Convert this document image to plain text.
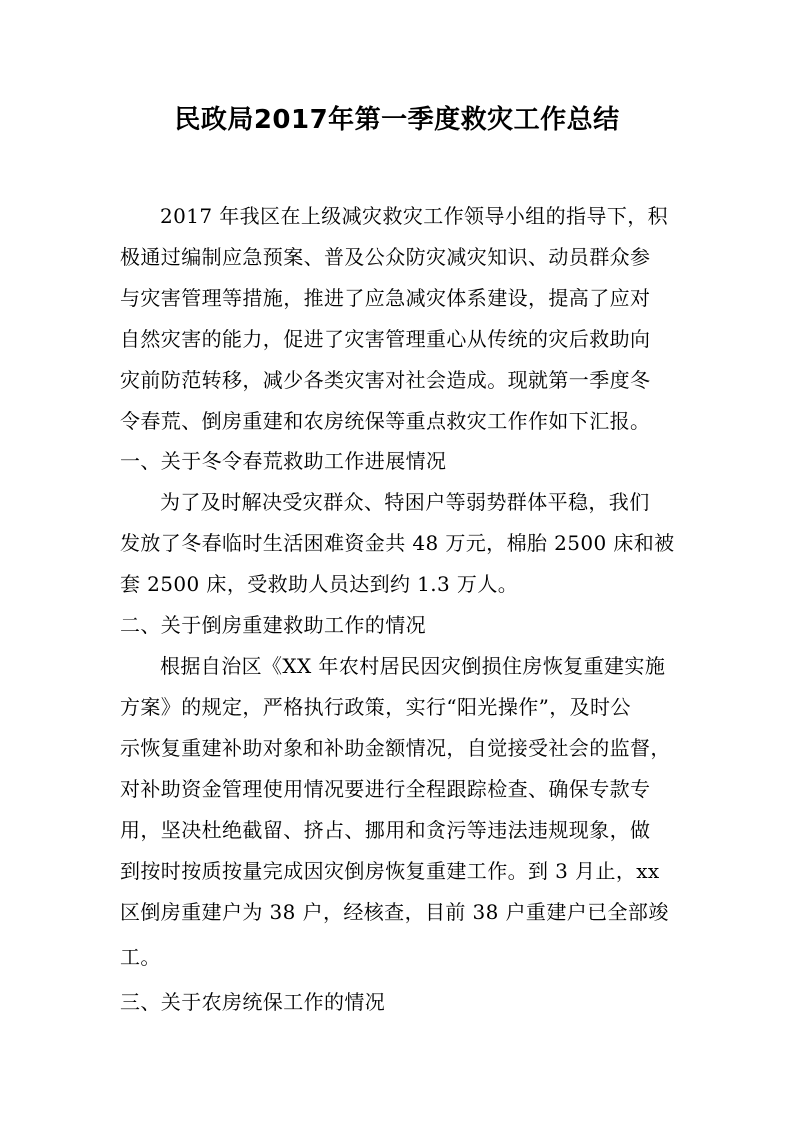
民政局2017年第一季度救灾工作总结
2017 年我区在上级减灾救灾工作领导小组的指导下，积
极通过编制应急预案、普及公众防灾减灾知识、动员群众参
与灾害管理等措施，推进了应急减灾体系建设，提高了应对
自然灾害的能力，促进了灾害管理重心从传统的灾后救助向
灾前防范转移，减少各类灾害对社会造成。现就第一季度冬
令春荒、倒房重建和农房统保等重点救灾工作作如下汇报。
一、关于冬令春荒救助工作进展情况
为了及时解决受灾群众、特困户等弱势群体平稳，我们
发放了冬春临时生活困难资金共 48 万元，棉胎 2500 床和被
套 2500 床，受救助人员达到约 1.3 万人。
二、关于倒房重建救助工作的情况
根据自治区《XX 年农村居民因灾倒损住房恢复重建实施
方案》的规定，严格执行政策，实行“阳光操作”，及时公
示恢复重建补助对象和补助金额情况，自觉接受社会的监督，
对补助资金管理使用情况要进行全程跟踪检查、确保专款专
用，坚决杜绝截留、挤占、挪用和贪污等违法违规现象，做
到按时按质按量完成因灾倒房恢复重建工作。到 3 月止，xx
区倒房重建户为 38 户，经核查，目前 38 户重建户已全部竣
工。
三、关于农房统保工作的情况
